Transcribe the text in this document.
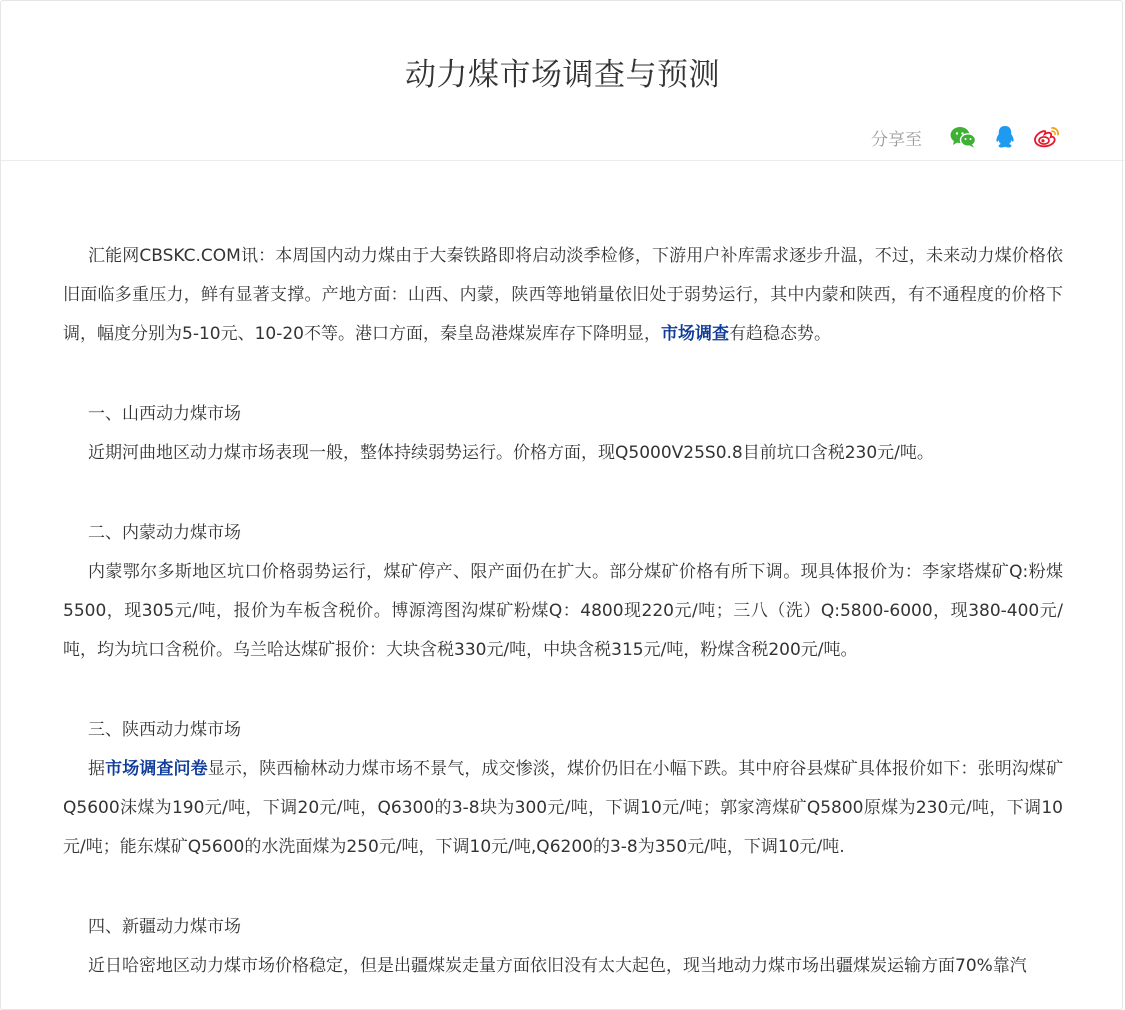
动力煤市场调查与预测
分享至

汇能网CBSKC.COM讯：本周国内动力煤由于大秦铁路即将启动淡季检修，下游用户补库需求逐步升温，不过，未来动力煤价格依旧面临多重压力，鲜有显著支撑。产地方面：山西、内蒙，陕西等地销量依旧处于弱势运行，其中内蒙和陕西，有不通程度的价格下调，幅度分别为5-10元、10-20不等。港口方面，秦皇岛港煤炭库存下降明显，市场调查有趋稳态势。

一、山西动力煤市场

近期河曲地区动力煤市场表现一般，整体持续弱势运行。价格方面，现Q5000V25S0.8目前坑口含税230元/吨。

二、内蒙动力煤市场

内蒙鄂尔多斯地区坑口价格弱势运行，煤矿停产、限产面仍在扩大。部分煤矿价格有所下调。现具体报价为：李家塔煤矿Q:粉煤5500，现305元/吨，报价为车板含税价。博源湾图沟煤矿粉煤Q：4800现220元/吨；三八（洗）Q:5800-6000，现380-400元/吨，均为坑口含税价。乌兰哈达煤矿报价：大块含税330元/吨，中块含税315元/吨，粉煤含税200元/吨。

三、陕西动力煤市场

据市场调查问卷显示，陕西榆林动力煤市场不景气，成交惨淡，煤价仍旧在小幅下跌。其中府谷县煤矿具体报价如下：张明沟煤矿Q5600沫煤为190元/吨，下调20元/吨，Q6300的3-8块为300元/吨，下调10元/吨；郭家湾煤矿Q5800原煤为230元/吨，下调10元/吨；能东煤矿Q5600的水洗面煤为250元/吨，下调10元/吨,Q6200的3-8为350元/吨，下调10元/吨.

四、新疆动力煤市场

近日哈密地区动力煤市场价格稳定，但是出疆煤炭走量方面依旧没有太大起色，现当地动力煤市场出疆煤炭运输方面70%靠汽
